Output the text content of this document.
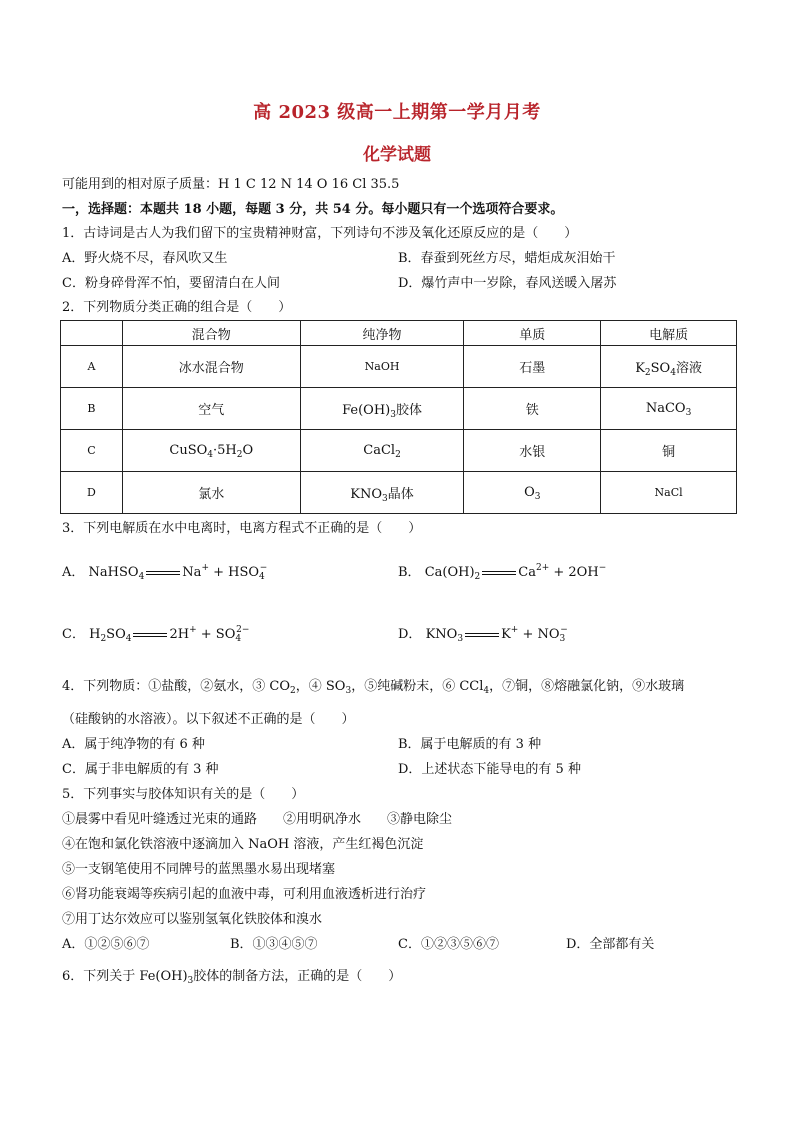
高 2023 级高一上期第一学月月考
化学试题
可能用到的相对原子质量：H 1 C 12 N 14 O 16 Cl 35.5
一，选择题：本题共 18 小题，每题 3 分，共 54 分。每小题只有一个选项符合要求。
1．古诗词是古人为我们留下的宝贵精神财富，下列诗句不涉及氧化还原反应的是（　　）
A．野火烧不尽，春风吹又生	B．春蚕到死丝方尽，蜡炬成灰泪始干
C．粉身碎骨浑不怕，要留清白在人间	D．爆竹声中一岁除，春风送暖入屠苏
2．下列物质分类正确的组合是（　　）
	混合物	纯净物	单质	电解质
A	冰水混合物	NaOH	石墨	$K_2SO_4$溶液
B	空气	$Fe(OH)_3$胶体	铁	NaCO$_3$
C	$CuSO_4\cdot 5H_2O$	CaCl$_2$	水银	铜
D	氯水	$KNO_3$晶体	$O_3$	NaCl
3．下列电解质在水中电离时，电离方程式不正确的是（　　）
A． NaHSO$_4$	$Na^+ + HSO_4^-$	B． $Ca(OH)_2$	$Ca^{2+} + 2OH^-$
C． $H_2SO_4$	$2H^+ + SO_4^{2-}$	D． $KNO_3$	$K^+ + NO_3^-$
4．下列物质：①盐酸，②氨水，③ $CO_2$，④ $SO_3$，⑤纯碱粉末，⑥ CCl$_4$，⑦铜，⑧熔融氯化钠，⑨水玻璃
（硅酸钠的水溶液）。以下叙述不正确的是（　　）
A．属于纯净物的有 6 种	B．属于电解质的有 3 种
C．属于非电解质的有 3 种	D．上述状态下能导电的有 5 种
5．下列事实与胶体知识有关的是（　　）
①晨雾中看见叶缝透过光束的通路　　②用明矾净水　　③静电除尘
④在饱和氯化铁溶液中逐滴加入 NaOH 溶液，产生红褐色沉淀
⑤一支钢笔使用不同牌号的蓝黑墨水易出现堵塞
⑥肾功能衰竭等疾病引起的血液中毒，可利用血液透析进行治疗
⑦用丁达尔效应可以鉴别氢氧化铁胶体和溴水
A．①②⑤⑥⑦	B．①③④⑤⑦	C．①②③⑤⑥⑦	D．全部都有关
6．下列关于 $Fe(OH)_3$胶体的制备方法，正确的是（　　）
